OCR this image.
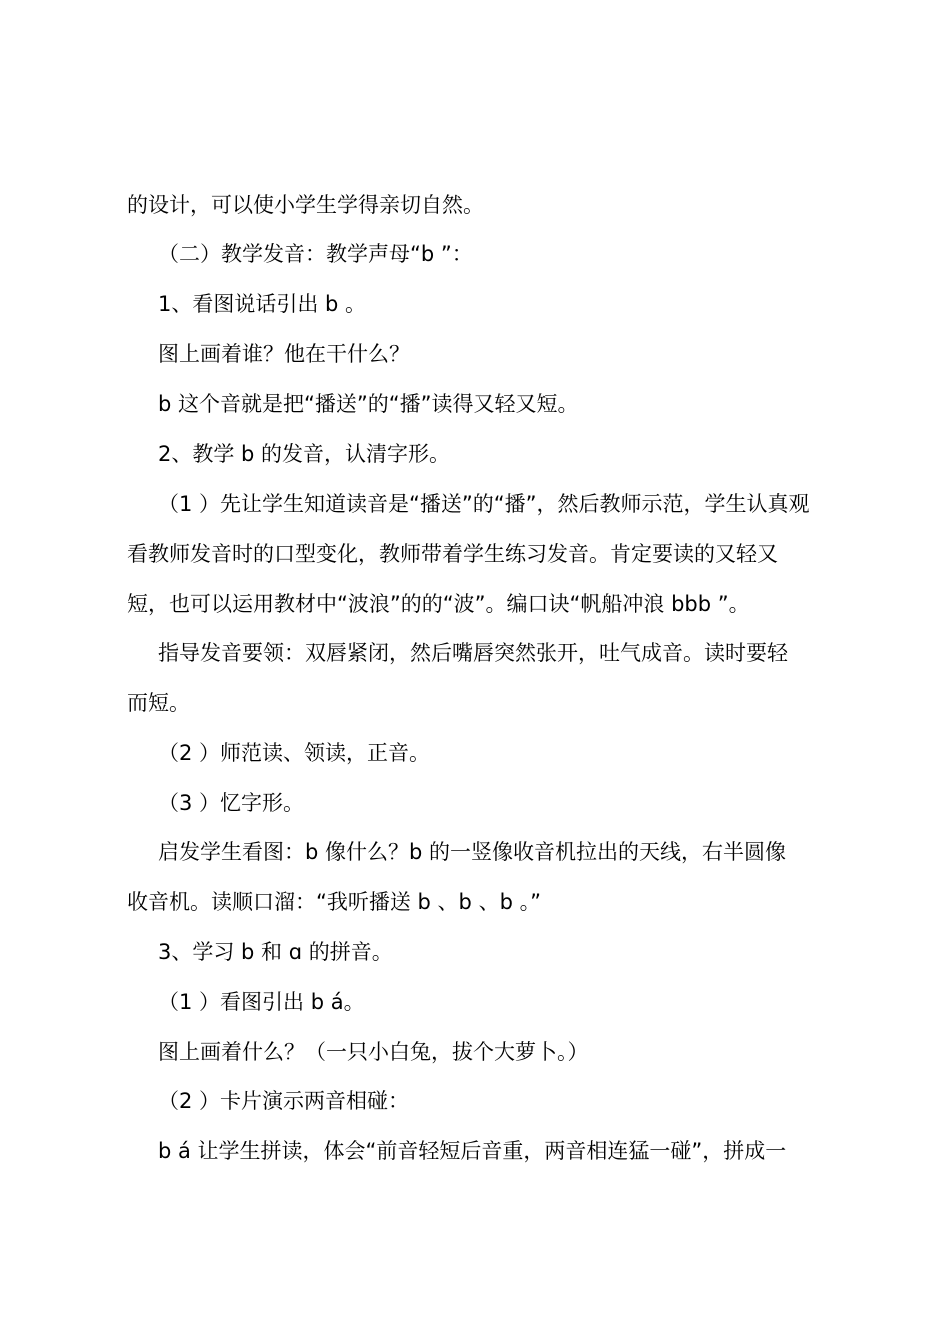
的设计，可以使小学生学得亲切自然。
（二）教学发音：教学声母“b ”：
1、看图说话引出 b 。
图上画着谁？他在干什么？
b 这个音就是把“播送”的“播”读得又轻又短。
2、教学 b 的发音，认清字形。
（1 ）先让学生知道读音是“播送”的“播”，然后教师示范，学生认真观
看教师发音时的口型变化，教师带着学生练习发音。肯定要读的又轻又
短，也可以运用教材中“波浪”的的“波”。编口诀“帆船冲浪 bbb ”。
指导发音要领：双唇紧闭，然后嘴唇突然张开，吐气成音。读时要轻
而短。
（2 ）师范读、领读，正音。
（3 ）忆字形。
启发学生看图：b 像什么？b 的一竖像收音机拉出的天线，右半圆像
收音机。读顺口溜：“我听播送 b 、b 、b 。”
3、学习 b 和 ɑ 的拼音。
（1 ）看图引出 b á。
图上画着什么？（一只小白兔，拔个大萝卜。）
（2 ）卡片演示两音相碰：
b á 让学生拼读，体会“前音轻短后音重，两音相连猛一碰”，拼成一
